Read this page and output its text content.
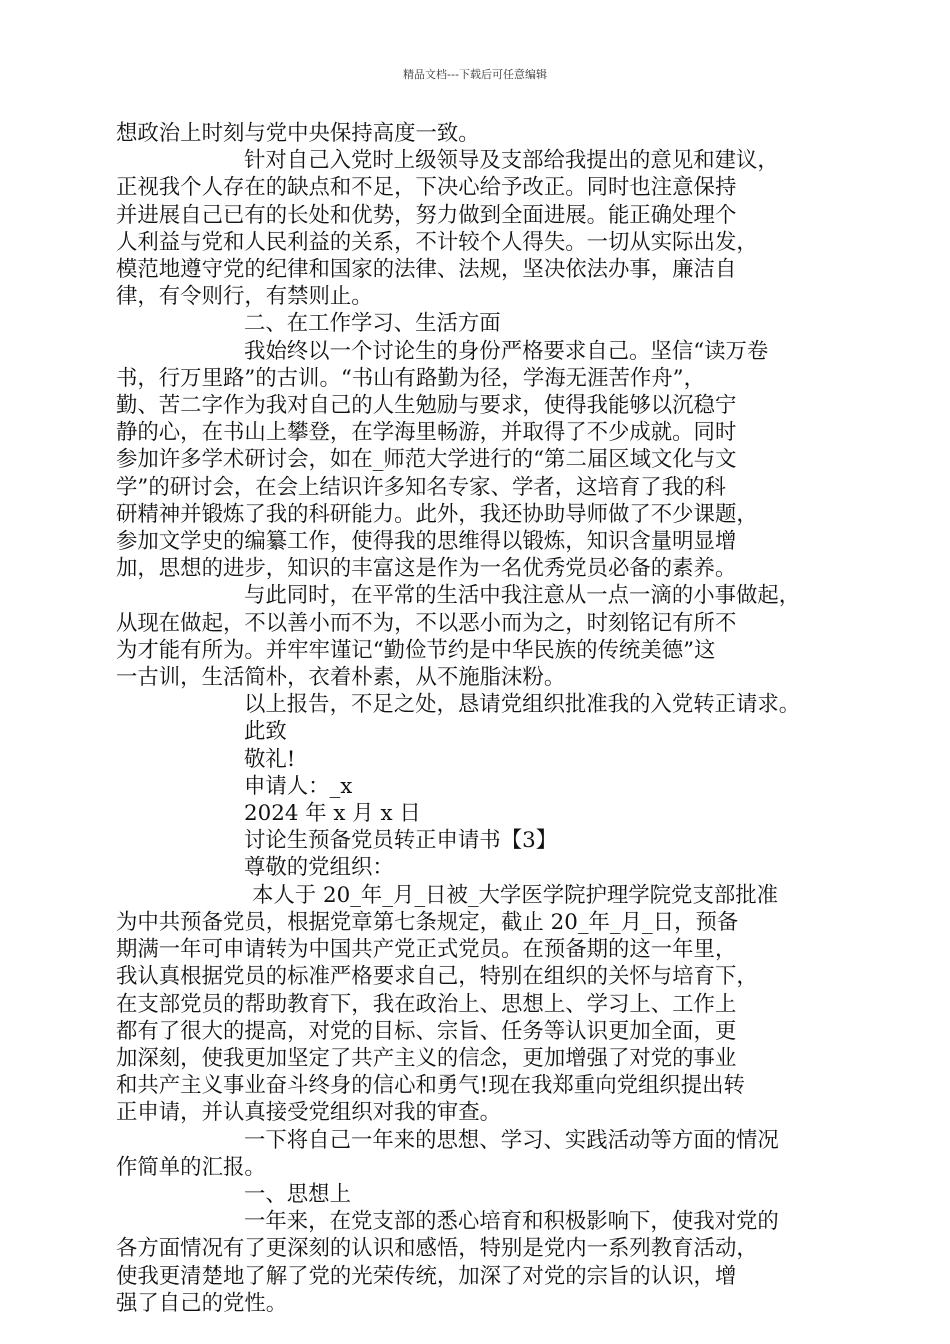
精品文档---下载后可任意编辑

想政治上时刻与党中央保持高度一致。

针对自己入党时上级领导及支部给我提出的意见和建议，

正视我个人存在的缺点和不足，下决心给予改正。同时也注意保持

并进展自己已有的长处和优势，努力做到全面进展。能正确处理个

人利益与党和人民利益的关系，不计较个人得失。一切从实际出发，

模范地遵守党的纪律和国家的法律、法规，坚决依法办事，廉洁自

律，有令则行，有禁则止。

二、在工作学习、生活方面

我始终以一个讨论生的身份严格要求自己。坚信“读万卷

书，行万里路”的古训。“书山有路勤为径，学海无涯苦作舟”，

勤、苦二字作为我对自己的人生勉励与要求，使得我能够以沉稳宁

静的心，在书山上攀登，在学海里畅游，并取得了不少成就。同时

参加许多学术研讨会，如在_师范大学进行的“第二届区域文化与文

学”的研讨会，在会上结识许多知名专家、学者，这培育了我的科

研精神并锻炼了我的科研能力。此外，我还协助导师做了不少课题，

参加文学史的编纂工作，使得我的思维得以锻炼，知识含量明显增

加，思想的进步，知识的丰富这是作为一名优秀党员必备的素养。

与此同时，在平常的生活中我注意从一点一滴的小事做起，

从现在做起，不以善小而不为，不以恶小而为之，时刻铭记有所不

为才能有所为。并牢牢谨记“勤俭节约是中华民族的传统美德”这

一古训，生活简朴，衣着朴素，从不施脂沫粉。

以上报告，不足之处，恳请党组织批准我的入党转正请求。

此致

敬礼!

申请人：_x

2024 年 x 月 x 日

讨论生预备党员转正申请书【3】

尊敬的党组织：

本人于 20_年_月_日被_大学医学院护理学院党支部批准

为中共预备党员，根据党章第七条规定，截止 20_年_月_日，预备

期满一年可申请转为中国共产党正式党员。在预备期的这一年里，

我认真根据党员的标准严格要求自己，特别在组织的关怀与培育下，

在支部党员的帮助教育下，我在政治上、思想上、学习上、工作上

都有了很大的提高，对党的目标、宗旨、任务等认识更加全面，更

加深刻，使我更加坚定了共产主义的信念，更加增强了对党的事业

和共产主义事业奋斗终身的信心和勇气!现在我郑重向党组织提出转

正申请，并认真接受党组织对我的审查。

一下将自己一年来的思想、学习、实践活动等方面的情况

作简单的汇报。

一、思想上

一年来，在党支部的悉心培育和积极影响下，使我对党的

各方面情况有了更深刻的认识和感悟，特别是党内一系列教育活动，

使我更清楚地了解了党的光荣传统，加深了对党的宗旨的认识，增

强了自己的党性。
